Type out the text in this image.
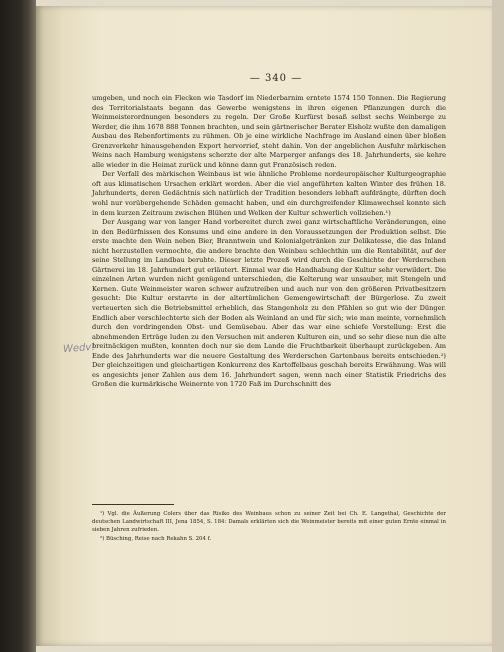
— 340 —
Wedv!

umgeben, und noch ein Flecken wie Tasdorf im Niederbarnim erntete 1574 150 Tonnen. Die Regierung des Territorialstaats begann das Gewerbe wenigstens in ihren eigenen Pflanzungen durch die Weinmeisterordnungen besonders zu regeln. Der Große Kurfürst besaß selbst sechs Weinberge zu Werder, die ihm 1678 888 Tonnen brachten, und sein gärtnerischer Berater Elsholz wußte den damaligen Ausbau des Rebenfortiments zu rühmen. Ob je eine wirkliche Nachfrage im Ausland einen über bloßen Grenzverkehr hinausgehenden Export hervorrief, steht dahin. Von der angeblichen Ausfuhr märkischen Weins nach Hamburg wenigstens scherzte der alte Marperger anfangs des 18. Jahrhunderts, sie kehre alle wieder in die Heimat zurück und könne dann gut Französisch reden.

Der Verfall des märkischen Weinbaus ist wie ähnliche Probleme nordeuropäischer Kulturgeographie oft aus klimatischen Ursachen erklärt worden. Aber die viel angeführten kalten Winter des frühen 18. Jahrhunderts, deren Gedächtnis sich natürlich der Tradition besonders lebhaft aufdrängte, dürften doch wohl nur vorübergehende Schäden gemacht haben, und ein durchgreifender Klimawechsel konnte sich in dem kurzen Zeitraum zwischen Blühen und Welken der Kultur schwerlich vollziehen.¹)

Der Ausgang war von langer Hand vorbereitet durch zwei ganz wirtschaftliche Veränderungen, eine in den Bedürfnissen des Konsums und eine andere in den Voraussetzungen der Produktion selbst. Die erste machte den Wein neben Bier, Branntwein und Kolonialgetränken zur Delikatesse, die das Inland nicht herzustellen vermochte, die andere brachte den Weinbau schlechthin um die Rentabilität, auf der seine Stellung im Landbau beruhte. Dieser letzte Prozeß wird durch die Geschichte der Werderschen Gärtnerei im 18. Jahrhundert gut erläutert. Einmal war die Handhabung der Kultur sehr verwildert. Die einzelnen Arten wurden nicht genügend unterschieden, die Kelterung war unsauber, mit Stengeln und Kernen. Gute Weinmeister waren schwer aufzutreiben und auch nur von den größeren Privatbesitzern gesucht: Die Kultur erstarrte in der altertümlichen Gemengewirtschaft der Bürgerlose. Zu zweit verteuerten sich die Betriebsmittel erheblich, das Stangenholz zu den Pfählen so gut wie der Dünger. Endlich aber verschlechterte sich der Boden als Weinland an und für sich; wie man meinte, vornehmlich durch den vordringenden Obst- und Gemüsebau. Aber das war eine schiefe Vorstellung: Erst die abnehmenden Erträge luden zu den Versuchen mit anderen Kulturen ein, und so sehr diese nun die alte breitnäckigen mußten, konnten doch nur sie dem Lande die Fruchtbarkeit überhaupt zurückgeben. Am Ende des Jahrhunderts war die neuere Gestaltung des Werderschen Gartenbaus bereits entschieden.²) Der gleichzeitigen und gleichartigen Konkurrenz des Kartoffelbaus geschah bereits Erwähnung. Was will es angesichts jener Zahlen aus dem 16. Jahrhundert sagen, wenn nach einer Statistik Friedrichs des Großen die kurmärkische Weinernte von 1720 Faß im Durchschnitt des

¹) Vgl. die Äußerung Colers über das Risiko des Weinbaus schon zu seiner Zeit bei Ch. E. Langethal, Geschichte der deutschen Landwirtschaft III, Jena 1854, S. 184: Damals erklärten sich die Weinmeister bereits mit einer guten Ernte einmal in sieben Jahren zufrieden.

²) Büsching, Reise nach Rekahn S. 204 f.
